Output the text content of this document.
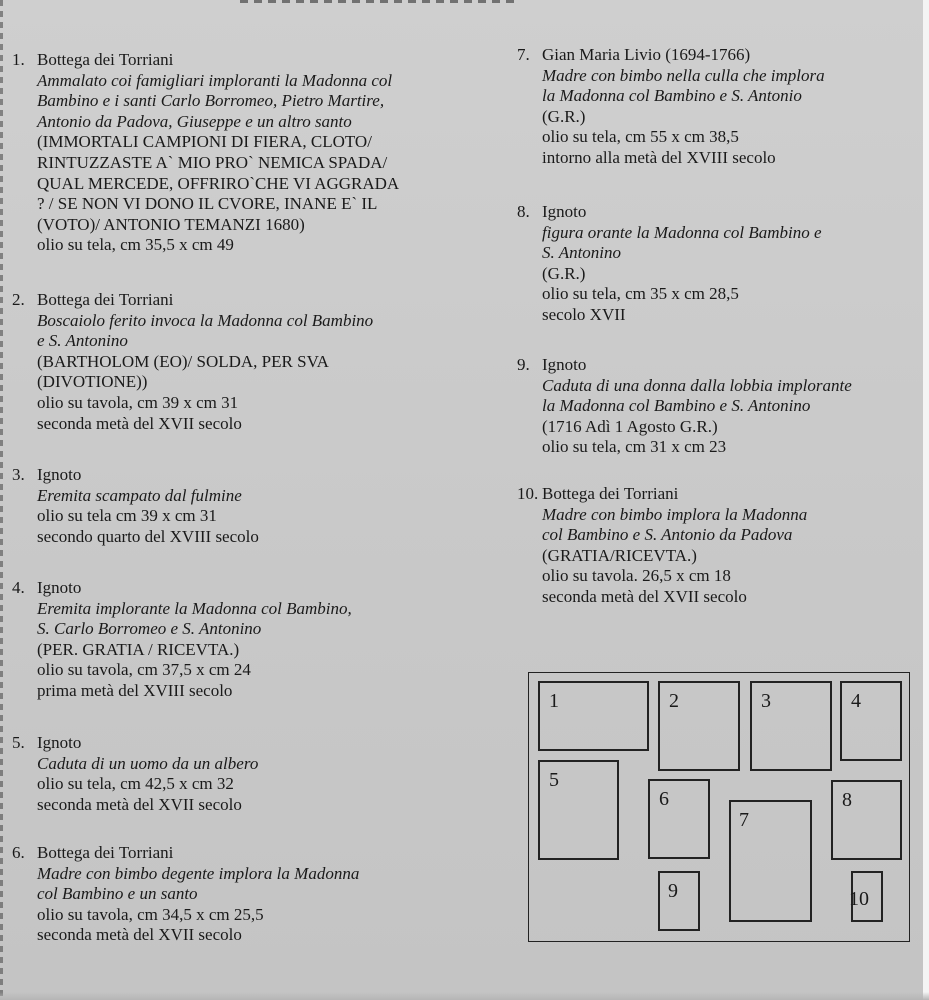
1. Bottega dei Torriani
Ammalato coi famigliari imploranti la Madonna col
Bambino e i santi Carlo Borromeo, Pietro Martire,
Antonio da Padova, Giuseppe e un altro santo
(IMMORTALI CAMPIONI DI FIERA, CLOTO/
RINTUZZASTE A` MIO PRO` NEMICA SPADA/
QUAL MERCEDE, OFFRIRO`CHE VI AGGRADA
? / SE NON VI DONO IL CVORE, INANE E` IL
(VOTO)/ ANTONIO TEMANZI 1680)
olio su tela, cm 35,5 x cm 49
2. Bottega dei Torriani
Boscaiolo ferito invoca la Madonna col Bambino
e S. Antonino
(BARTHOLOM (EO)/ SOLDA, PER SVA
(DIVOTIONE))
olio su tavola, cm 39 x cm 31
seconda metà del XVII secolo
3. Ignoto
Eremita scampato dal fulmine
olio su tela cm 39 x cm 31
secondo quarto del XVIII secolo
4. Ignoto
Eremita implorante la Madonna col Bambino,
S. Carlo Borromeo e S. Antonino
(PER. GRATIA / RICEVTA.)
olio su tavola, cm 37,5 x cm 24
prima metà del XVIII secolo
5. Ignoto
Caduta di un uomo da un albero
olio su tela, cm 42,5 x cm 32
seconda metà del XVII secolo
6. Bottega dei Torriani
Madre con bimbo degente implora la Madonna
col Bambino e un santo
olio su tavola, cm 34,5 x cm 25,5
seconda metà del XVII secolo
7. Gian Maria Livio (1694-1766)
Madre con bimbo nella culla che implora
la Madonna col Bambino e S. Antonio
(G.R.)
olio su tela, cm 55 x cm 38,5
intorno alla metà del XVIII secolo
8. Ignoto
figura orante la Madonna col Bambino e
S. Antonino
(G.R.)
olio su tela, cm 35 x cm 28,5
secolo XVII
9. Ignoto
Caduta di una donna dalla lobbia implorante
la Madonna col Bambino e S. Antonino
(1716 Adì 1 Agosto G.R.)
olio su tela, cm 31 x cm 23
10. Bottega dei Torriani
Madre con bimbo implora la Madonna
col Bambino e S. Antonio da Padova
(GRATIA/RICEVTA.)
olio su tavola. 26,5 x cm 18
seconda metà del XVII secolo
1	2	3	4
5
6
7
8
9	10
